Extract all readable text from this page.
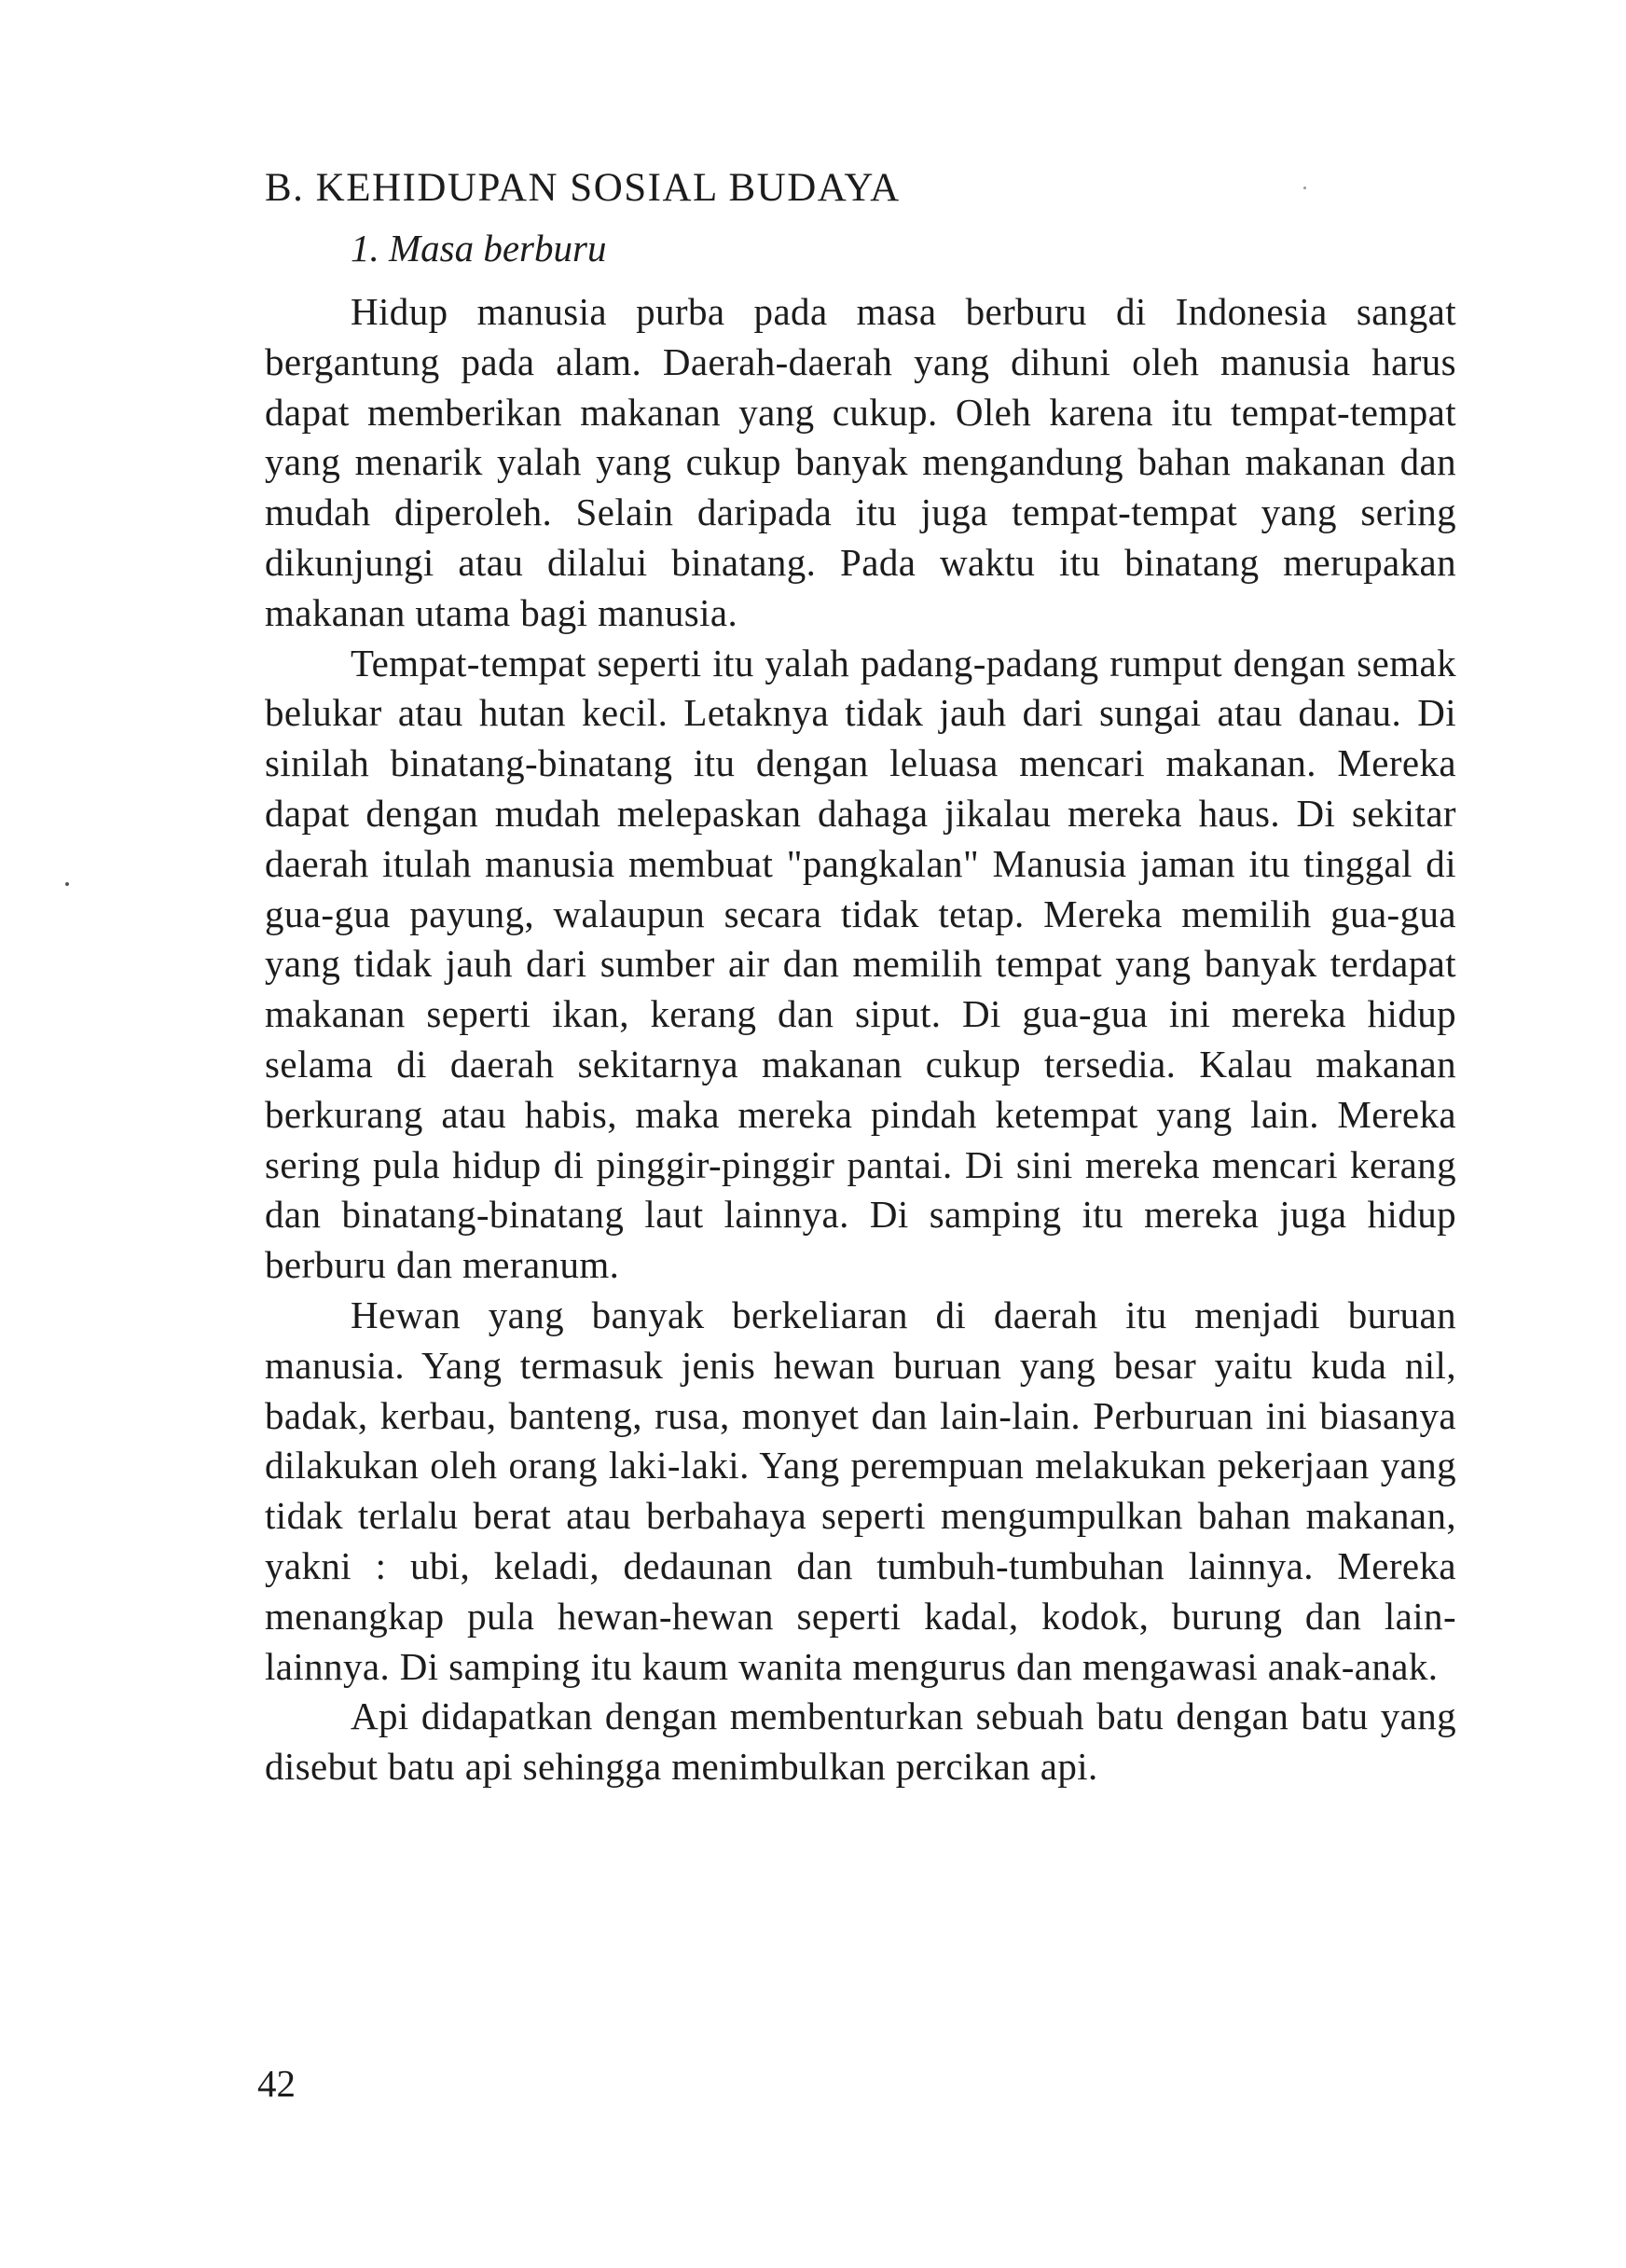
B. KEHIDUPAN SOSIAL BUDAYA
1. Masa berburu

Hidup manusia purba pada masa berburu di Indonesia sangat bergantung pada alam. Daerah-daerah yang dihuni oleh manusia harus dapat memberikan makanan yang cukup. Oleh karena itu tempat-tempat yang menarik yalah yang cukup banyak mengandung bahan makanan dan mudah diperoleh. Selain daripada itu juga tempat-tempat yang sering dikunjungi atau dilalui binatang. Pada waktu itu binatang merupakan makanan utama bagi manusia.

Tempat-tempat seperti itu yalah padang-padang rumput dengan semak belukar atau hutan kecil. Letaknya tidak jauh dari sungai atau danau. Di sinilah binatang-binatang itu dengan leluasa mencari makanan. Mereka dapat dengan mudah melepaskan dahaga jikalau mereka haus. Di sekitar daerah itulah manusia membuat "pangkalan" Manusia jaman itu tinggal di gua-gua payung, walaupun secara tidak tetap. Mereka memilih gua-gua yang tidak jauh dari sumber air dan memilih tempat yang banyak terdapat makanan seperti ikan, kerang dan siput. Di gua-gua ini mereka hidup selama di daerah sekitarnya makanan cukup tersedia. Kalau makanan berkurang atau habis, maka mereka pindah ketempat yang lain. Mereka sering pula hidup di pinggir-pinggir pantai. Di sini mereka mencari kerang dan binatang-binatang laut lainnya. Di samping itu mereka juga hidup berburu dan meranum.

Hewan yang banyak berkeliaran di daerah itu menjadi buruan manusia. Yang termasuk jenis hewan buruan yang besar yaitu kuda nil, badak, kerbau, banteng, rusa, monyet dan lain-lain. Perburuan ini biasanya dilakukan oleh orang laki-laki. Yang perempuan melakukan pekerjaan yang tidak terlalu berat atau berbahaya seperti mengumpulkan bahan makanan, yakni : ubi, keladi, dedaunan dan tumbuh-tumbuhan lainnya. Mereka menangkap pula hewan-hewan seperti kadal, kodok, burung dan lain-lainnya. Di samping itu kaum wanita mengurus dan mengawasi anak-anak.

Api didapatkan dengan membenturkan sebuah batu dengan batu yang disebut batu api sehingga menimbulkan percikan api.

42
